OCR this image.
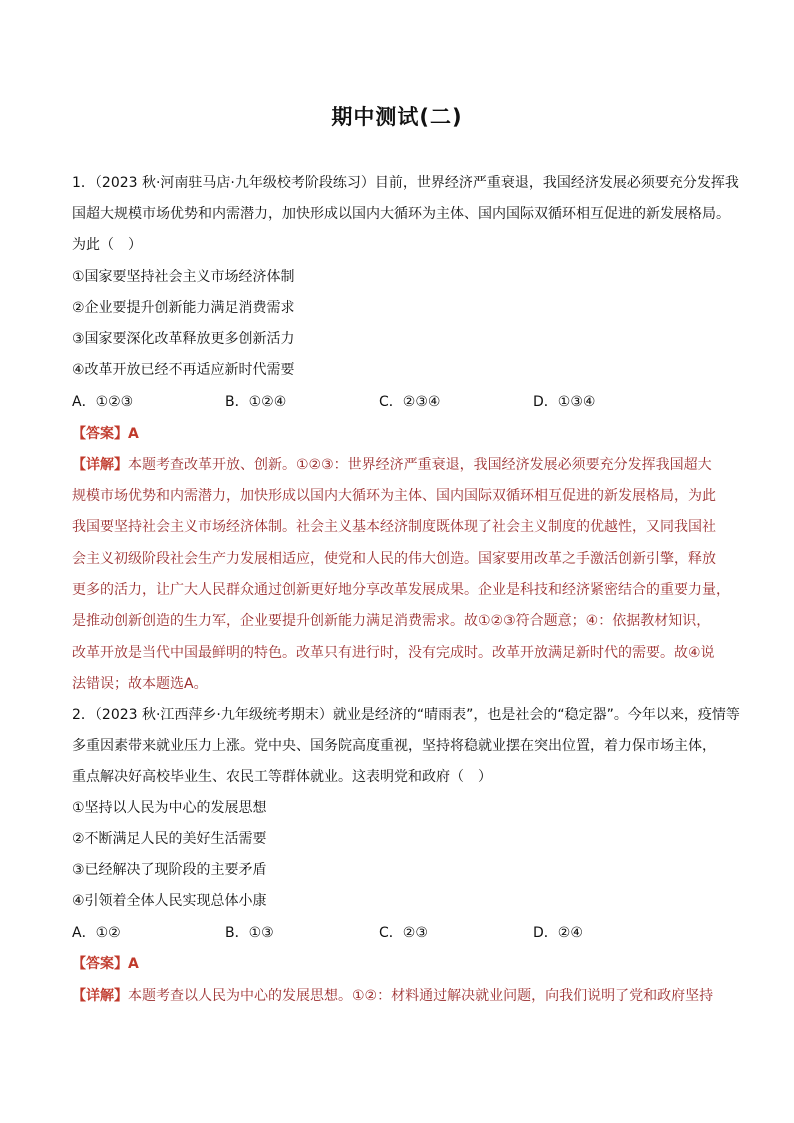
期中测试(二)
1．（2023 秋·河南驻马店·九年级校考阶段练习）目前，世界经济严重衰退，我国经济发展必须要充分发挥我
国超大规模市场优势和内需潜力，加快形成以国内大循环为主体、国内国际双循环相互促进的新发展格局。
为此（　）
①国家要坚持社会主义市场经济体制
②企业要提升创新能力满足消费需求
③国家要深化改革释放更多创新活力
④改革开放已经不再适应新时代需要
A．①②③	B．①②④	C．②③④	D．①③④
【答案】A
【详解】本题考查改革开放、创新。①②③：世界经济严重衰退，我国经济发展必须要充分发挥我国超大
规模市场优势和内需潜力，加快形成以国内大循环为主体、国内国际双循环相互促进的新发展格局，为此
我国要坚持社会主义市场经济体制。社会主义基本经济制度既体现了社会主义制度的优越性，又同我国社
会主义初级阶段社会生产力发展相适应，使党和人民的伟大创造。国家要用改革之手激活创新引擎，释放
更多的活力，让广大人民群众通过创新更好地分享改革发展成果。企业是科技和经济紧密结合的重要力量，
是推动创新创造的生力军，企业要提升创新能力满足消费需求。故①②③符合题意；④：依据教材知识，
改革开放是当代中国最鲜明的特色。改革只有进行时，没有完成时。改革开放满足新时代的需要。故④说
法错误；故本题选A。
2．（2023 秋·江西萍乡·九年级统考期末）就业是经济的“晴雨表”，也是社会的“稳定器”。今年以来，疫情等
多重因素带来就业压力上涨。党中央、国务院高度重视，坚持将稳就业摆在突出位置，着力保市场主体，
重点解决好高校毕业生、农民工等群体就业。这表明党和政府（　）
①坚持以人民为中心的发展思想
②不断满足人民的美好生活需要
③已经解决了现阶段的主要矛盾
④引领着全体人民实现总体小康
A．①②	B．①③	C．②③	D．②④
【答案】A
【详解】本题考查以人民为中心的发展思想。①②：材料通过解决就业问题，向我们说明了党和政府坚持
